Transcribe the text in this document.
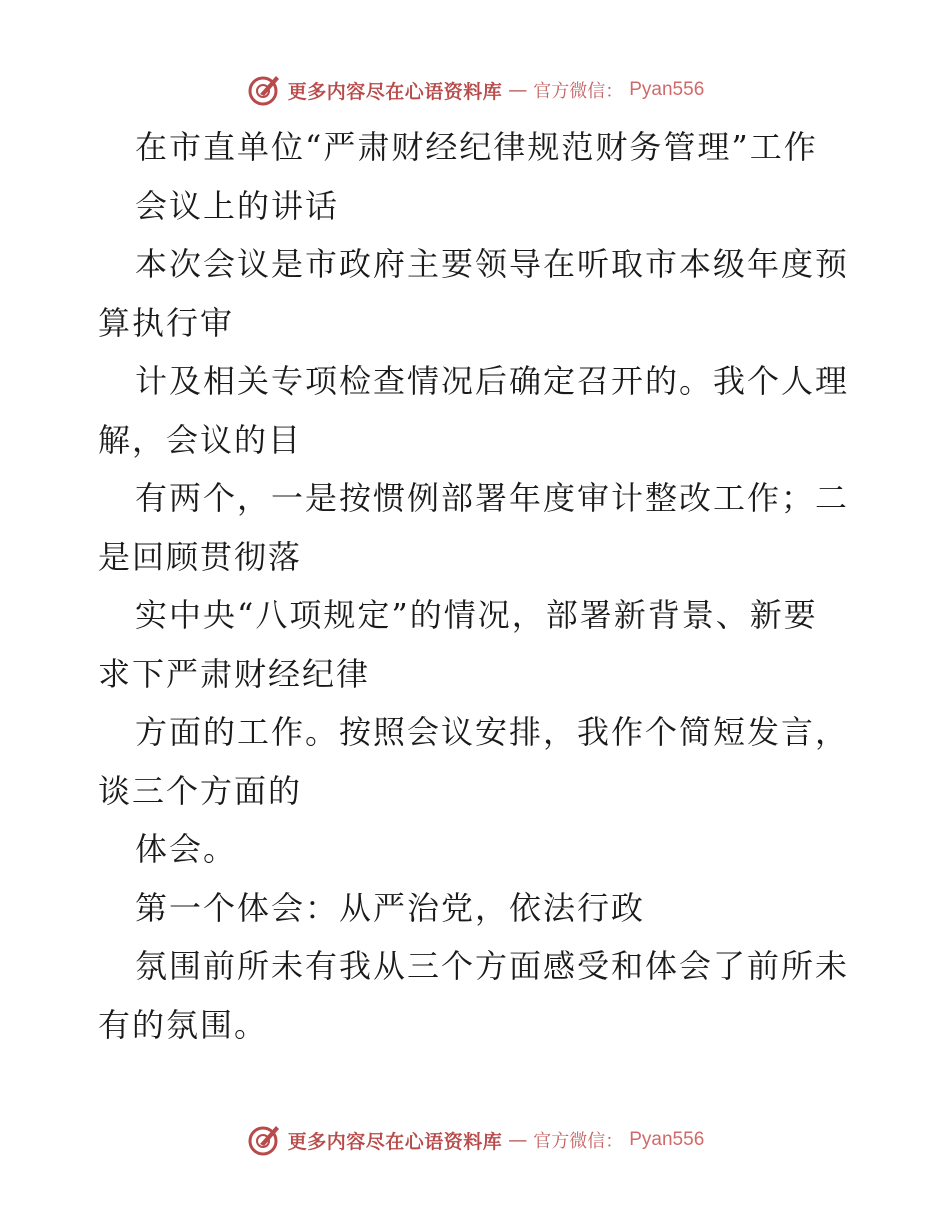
更多内容尽在心语资料库 — 官方微信： Pyan556
在市直单位“严肃财经纪律规范财务管理”工作
会议上的讲话
本次会议是市政府主要领导在听取市本级年度预
算执行审
计及相关专项检查情况后确定召开的。我个人理
解，会议的目
有两个，一是按惯例部署年度审计整改工作；二
是回顾贯彻落
实中央“八项规定”的情况，部署新背景、新要
求下严肃财经纪律
方面的工作。按照会议安排，我作个简短发言，
谈三个方面的
体会。
第一个体会：从严治党，依法行政
氛围前所未有我从三个方面感受和体会了前所未
有的氛围。
更多内容尽在心语资料库 — 官方微信： Pyan556
